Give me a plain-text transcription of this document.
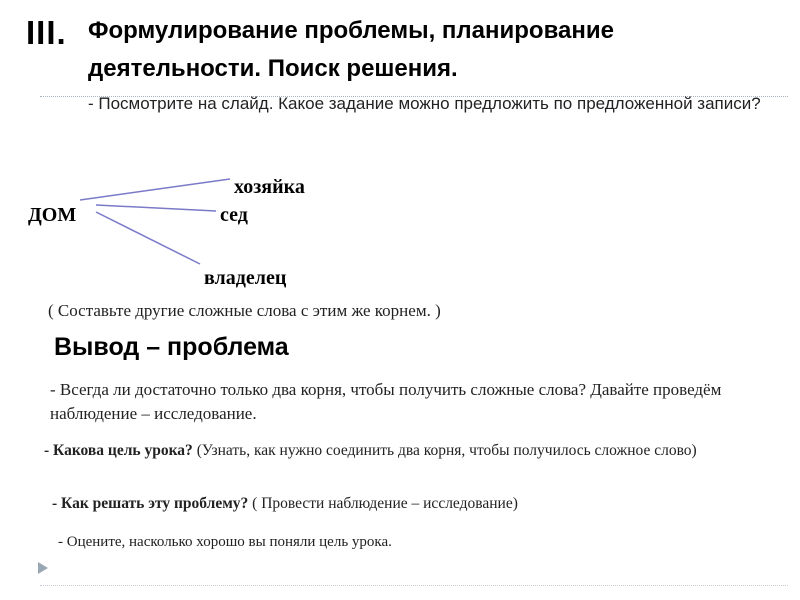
III. Формулирование проблемы, планирование деятельности. Поиск решения.
- Посмотрите на слайд. Какое задание можно предложить по предложенной записи?
ДОМ
хозяйка
сед
владелец
( Составьте другие сложные слова с этим же корнем. )
Вывод – проблема
- Всегда ли достаточно только два корня, чтобы получить сложные слова? Давайте проведём наблюдение – исследование.
- Какова цель урока? (Узнать, как нужно соединить два корня, чтобы получилось сложное слово)
- Как решать эту проблему? ( Провести наблюдение – исследование)
- Оцените, насколько хорошо вы поняли цель урока.
